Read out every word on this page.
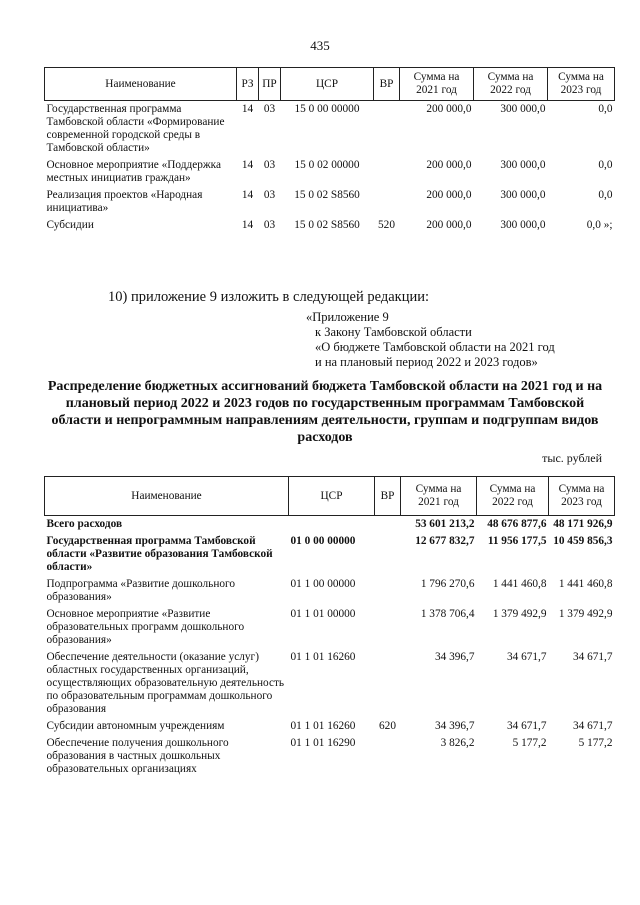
435
Наименование	РЗ	ПР	ЦСР	ВР	Сумма на 2021 год	Сумма на 2022 год	Сумма на 2023 год
Государственная программа Тамбовской области «Формирование современной городской среды в Тамбовской области»	14	03	15 0 00 00000		200 000,0	300 000,0	0,0
Основное мероприятие «Поддержка местных инициатив граждан»	14	03	15 0 02 00000		200 000,0	300 000,0	0,0
Реализация проектов «Народная инициатива»	14	03	15 0 02 S8560		200 000,0	300 000,0	0,0
Субсидии	14	03	15 0 02 S8560	520	200 000,0	300 000,0	0,0 »;
10) приложение 9 изложить в следующей редакции:
«Приложение 9
к Закону Тамбовской области
«О бюджете Тамбовской области на 2021 год
и на плановый период 2022 и 2023 годов»
Распределение бюджетных ассигнований бюджета Тамбовской области на 2021 год и на плановый период 2022 и 2023 годов по государственным программам Тамбовской области и непрограммным направлениям деятельности, группам и подгруппам видов расходов
тыс. рублей
Наименование	ЦСР	ВР	Сумма на 2021 год	Сумма на 2022 год	Сумма на 2023 год
Всего расходов			53 601 213,2	48 676 877,6	48 171 926,9
Государственная программа Тамбовской области «Развитие образования Тамбовской области»	01 0 00 00000		12 677 832,7	11 956 177,5	10 459 856,3
Подпрограмма «Развитие дошкольного образования»	01 1 00 00000		1 796 270,6	1 441 460,8	1 441 460,8
Основное мероприятие «Развитие образовательных программ дошкольного образования»	01 1 01 00000		1 378 706,4	1 379 492,9	1 379 492,9
Обеспечение деятельности (оказание услуг) областных государственных организаций, осуществляющих образовательную деятельность по образовательным программам дошкольного образования	01 1 01 16260		34 396,7	34 671,7	34 671,7
Субсидии автономным учреждениям	01 1 01 16260	620	34 396,7	34 671,7	34 671,7
Обеспечение получения дошкольного образования в частных дошкольных образовательных организациях	01 1 01 16290		3 826,2	5 177,2	5 177,2
